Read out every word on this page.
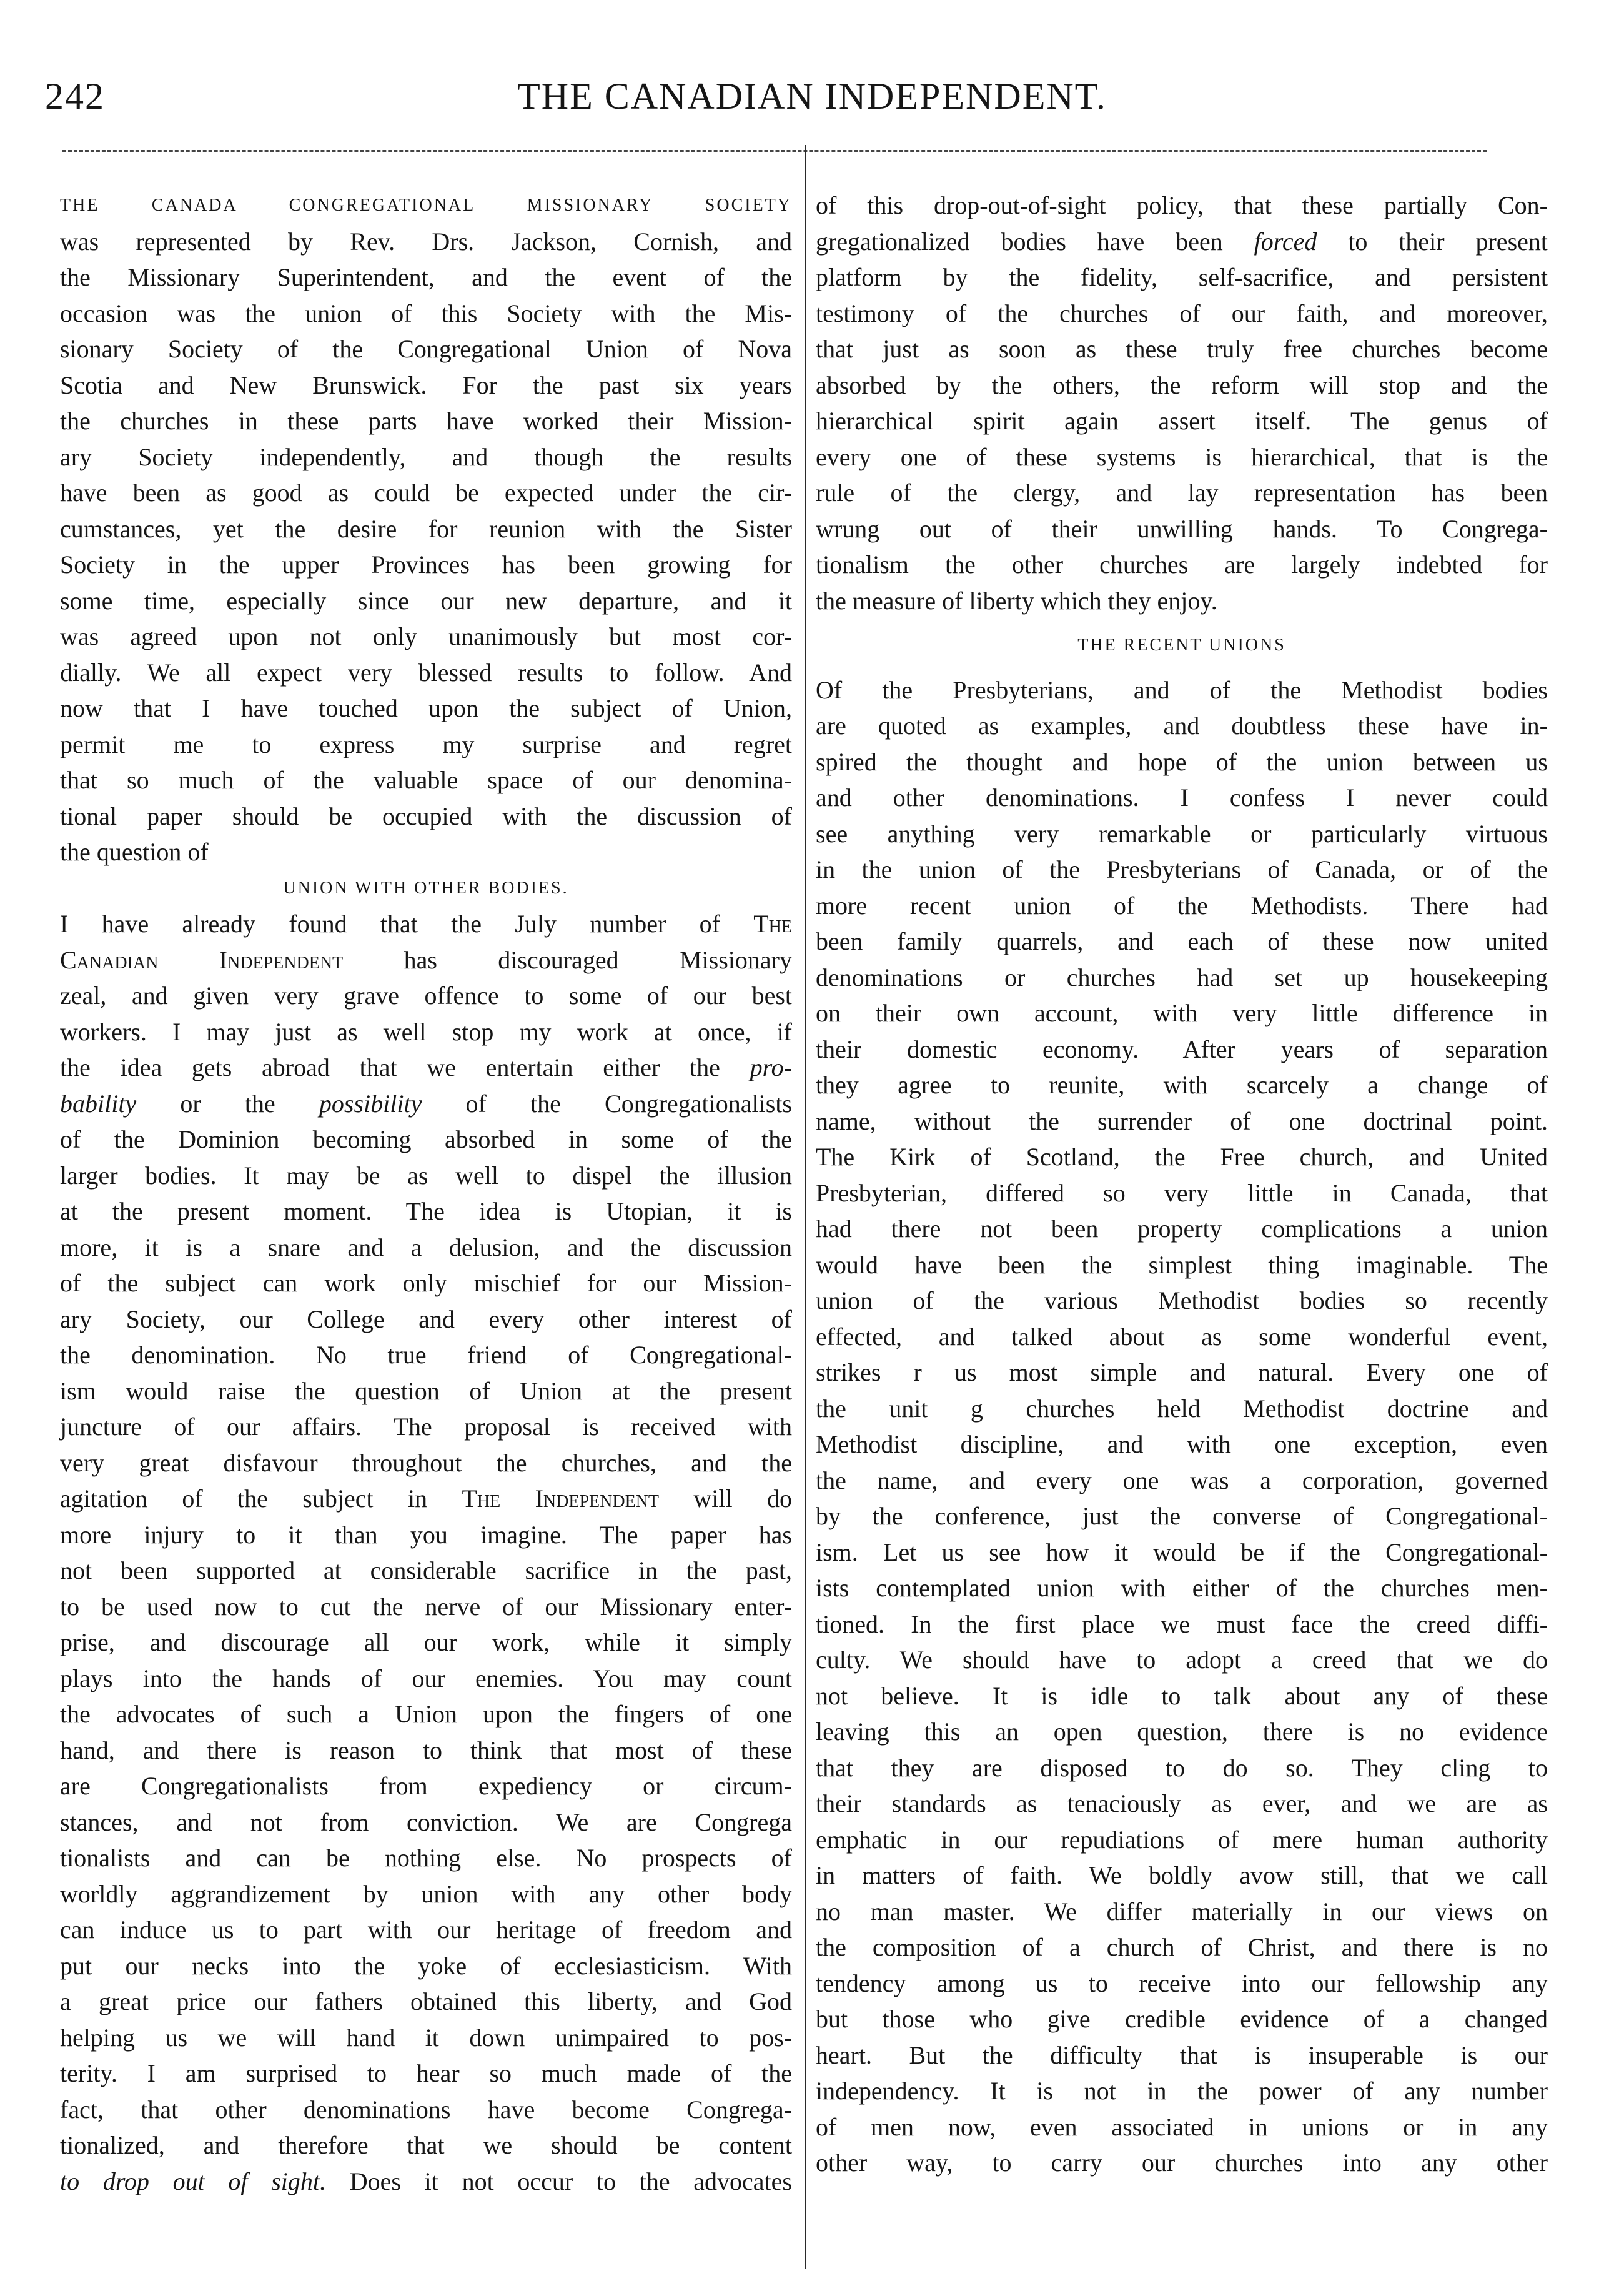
242	THE CANADIAN INDEPENDENT.
THE CANADA CONGREGATIONAL MISSIONARY SOCIETY
was represented by Rev. Drs. Jackson, Cornish, and
the Missionary Superintendent, and the event of the
occasion was the union of this Society with the Mis-
sionary Society of the Congregational Union of Nova
Scotia and New Brunswick. For the past six years
the churches in these parts have worked their Mission-
ary Society independently, and though the results
have been as good as could be expected under the cir-
cumstances, yet the desire for reunion with the Sister
Society in the upper Provinces has been growing for
some time, especially since our new departure, and it
was agreed upon not only unanimously but most cor-
dially. We all expect very blessed results to follow. And
now that I have touched upon the subject of Union,
permit me to express my surprise and regret
that so much of the valuable space of our denomina-
tional paper should be occupied with the discussion of
the question of
UNION WITH OTHER BODIES.
I have already found that the July number of The
Canadian Independent has discouraged Missionary
zeal, and given very grave offence to some of our best
workers. I may just as well stop my work at once, if
the idea gets abroad that we entertain either the pro-
bability or the possibility of the Congregationalists
of the Dominion becoming absorbed in some of the
larger bodies. It may be as well to dispel the illusion
at the present moment. The idea is Utopian, it is
more, it is a snare and a delusion, and the discussion
of the subject can work only mischief for our Mission-
ary Society, our College and every other interest of
the denomination. No true friend of Congregational-
ism would raise the question of Union at the present
juncture of our affairs. The proposal is received with
very great disfavour throughout the churches, and the
agitation of the subject in The Independent will do
more injury to it than you imagine. The paper has
not been supported at considerable sacrifice in the past,
to be used now to cut the nerve of our Missionary enter-
prise, and discourage all our work, while it simply
plays into the hands of our enemies. You may count
the advocates of such a Union upon the fingers of one
hand, and there is reason to think that most of these
are Congregationalists from expediency or circum-
stances, and not from conviction. We are Congrega
tionalists and can be nothing else. No prospects of
worldly aggrandizement by union with any other body
can induce us to part with our heritage of freedom and
put our necks into the yoke of ecclesiasticism. With
a great price our fathers obtained this liberty, and God
helping us we will hand it down unimpaired to pos-
terity. I am surprised to hear so much made of the
fact, that other denominations have become Congrega-
tionalized, and therefore that we should be content
to drop out of sight. Does it not occur to the advocates
of this drop-out-of-sight policy, that these partially Con-
gregationalized bodies have been forced to their present
platform by the fidelity, self-sacrifice, and persistent
testimony of the churches of our faith, and moreover,
that just as soon as these truly free churches become
absorbed by the others, the reform will stop and the
hierarchical spirit again assert itself. The genus of
every one of these systems is hierarchical, that is the
rule of the clergy, and lay representation has been
wrung out of their unwilling hands. To Congrega-
tionalism the other churches are largely indebted for
the measure of liberty which they enjoy.
THE RECENT UNIONS
Of the Presbyterians, and of the Methodist bodies
are quoted as examples, and doubtless these have in-
spired the thought and hope of the union between us
and other denominations. I confess I never could
see anything very remarkable or particularly virtuous
in the union of the Presbyterians of Canada, or of the
more recent union of the Methodists. There had
been family quarrels, and each of these now united
denominations or churches had set up housekeeping
on their own account, with very little difference in
their domestic economy. After years of separation
they agree to reunite, with scarcely a change of
name, without the surrender of one doctrinal point.
The Kirk of Scotland, the Free church, and United
Presbyterian, differed so very little in Canada, that
had there not been property complications a union
would have been the simplest thing imaginable. The
union of the various Methodist bodies so recently
effected, and talked about as some wonderful event,
strikes r us most simple and natural. Every one of
the unit g churches held Methodist doctrine and
Methodist discipline, and with one exception, even
the name, and every one was a corporation, governed
by the conference, just the converse of Congregational-
ism. Let us see how it would be if the Congregational-
ists contemplated union with either of the churches men-
tioned. In the first place we must face the creed diffi-
culty. We should have to adopt a creed that we do
not believe. It is idle to talk about any of these
leaving this an open question, there is no evidence
that they are disposed to do so. They cling to
their standards as tenaciously as ever, and we are as
emphatic in our repudiations of mere human authority
in matters of faith. We boldly avow still, that we call
no man master. We differ materially in our views on
the composition of a church of Christ, and there is no
tendency among us to receive into our fellowship any
but those who give credible evidence of a changed
heart. But the difficulty that is insuperable is our
independency. It is not in the power of any number
of men now, even associated in unions or in any
other way, to carry our churches into any other
